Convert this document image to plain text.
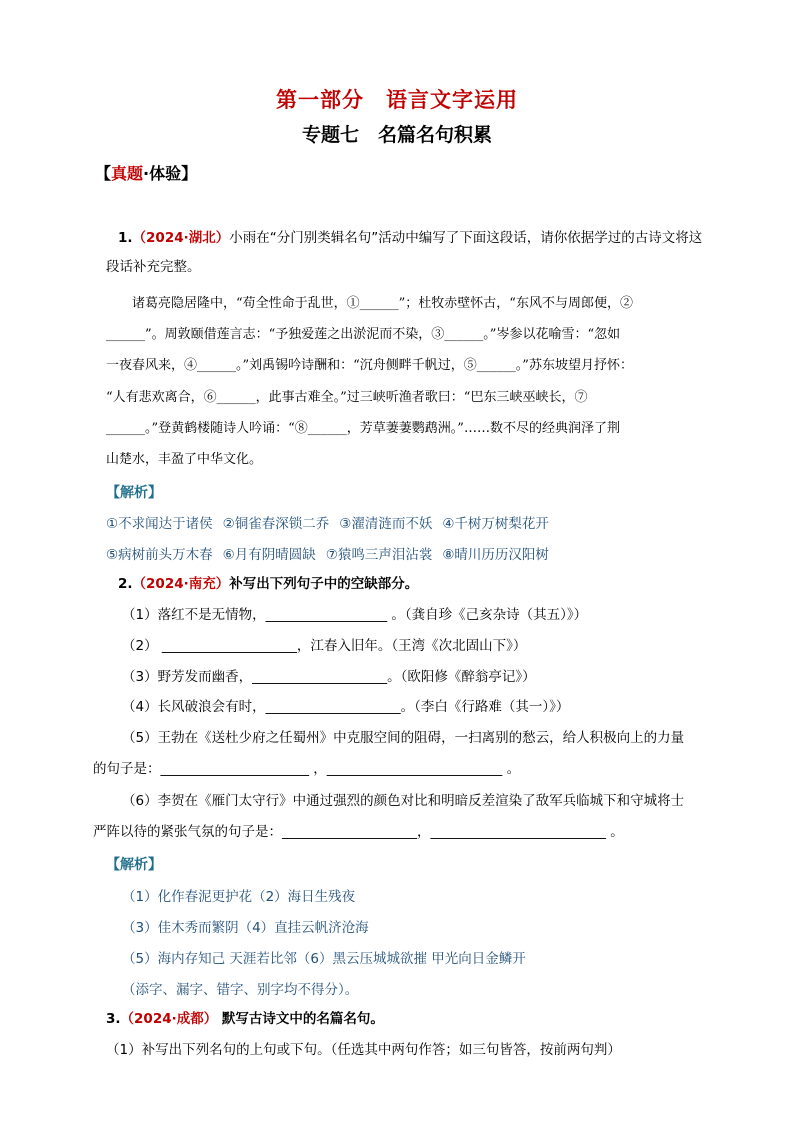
第一部分　语言文字运用
专题七　名篇名句积累
【真题·体验】
1.（2024·湖北）小雨在“分门别类辑名句”活动中编写了下面这段话，请你依据学过的古诗文将这
段话补充完整。
诸葛亮隐居隆中，“苟全性命于乱世，①______”；杜牧赤壁怀古，“东风不与周郎便，②
______”。周敦颐借莲言志：“予独爱莲之出淤泥而不染，③______。”岑参以花喻雪：“忽如
一夜春风来，④______。”刘禹锡吟诗酬和：“沉舟侧畔千帆过，⑤______。”苏东坡望月抒怀：
“人有悲欢离合，⑥______，此事古难全。”过三峡听渔者歌曰：“巴东三峡巫峡长，⑦
______。”登黄鹤楼随诗人吟诵：“⑧______，芳草萋萋鹦鹉洲。”……数不尽的经典润泽了荆
山楚水，丰盈了中华文化。
【解析】
①不求闻达于诸侯 ②铜雀春深锁二乔 ③濯清涟而不妖 ④千树万树梨花开
⑤病树前头万木春 ⑥月有阴晴圆缺 ⑦猿鸣三声泪沾裳 ⑧晴川历历汉阳树
2.（2024·南充）补写出下列句子中的空缺部分。
（1）落红不是无情物，__________________ 。（龚自珍《己亥杂诗（其五）》）
（2） ____________________，江春入旧年。（王湾《次北固山下》）
（3）野芳发而幽香，____________________。（欧阳修《醉翁亭记》）
（4）长风破浪会有时，____________________。（李白《行路难（其一）》）
（5）王勃在《送杜少府之任蜀州》中克服空间的阻碍，一扫离别的愁云，给人积极向上的力量
的句子是：______________________ ，__________________________ 。
（6）李贺在《雁门太守行》中通过强烈的颜色对比和明暗反差渲染了敌军兵临城下和守城将士
严阵以待的紧张气氛的句子是：____________________，__________________________ 。
【解析】
（1）化作春泥更护花（2）海日生残夜
（3）佳木秀而繁阴（4）直挂云帆济沧海
（5）海内存知己 天涯若比邻（6）黑云压城城欲摧 甲光向日金鳞开
（添字、漏字、错字、别字均不得分）。
3.（2024·成都） 默写古诗文中的名篇名句。
（1）补写出下列名句的上句或下句。（任选其中两句作答；如三句皆答，按前两句判）
